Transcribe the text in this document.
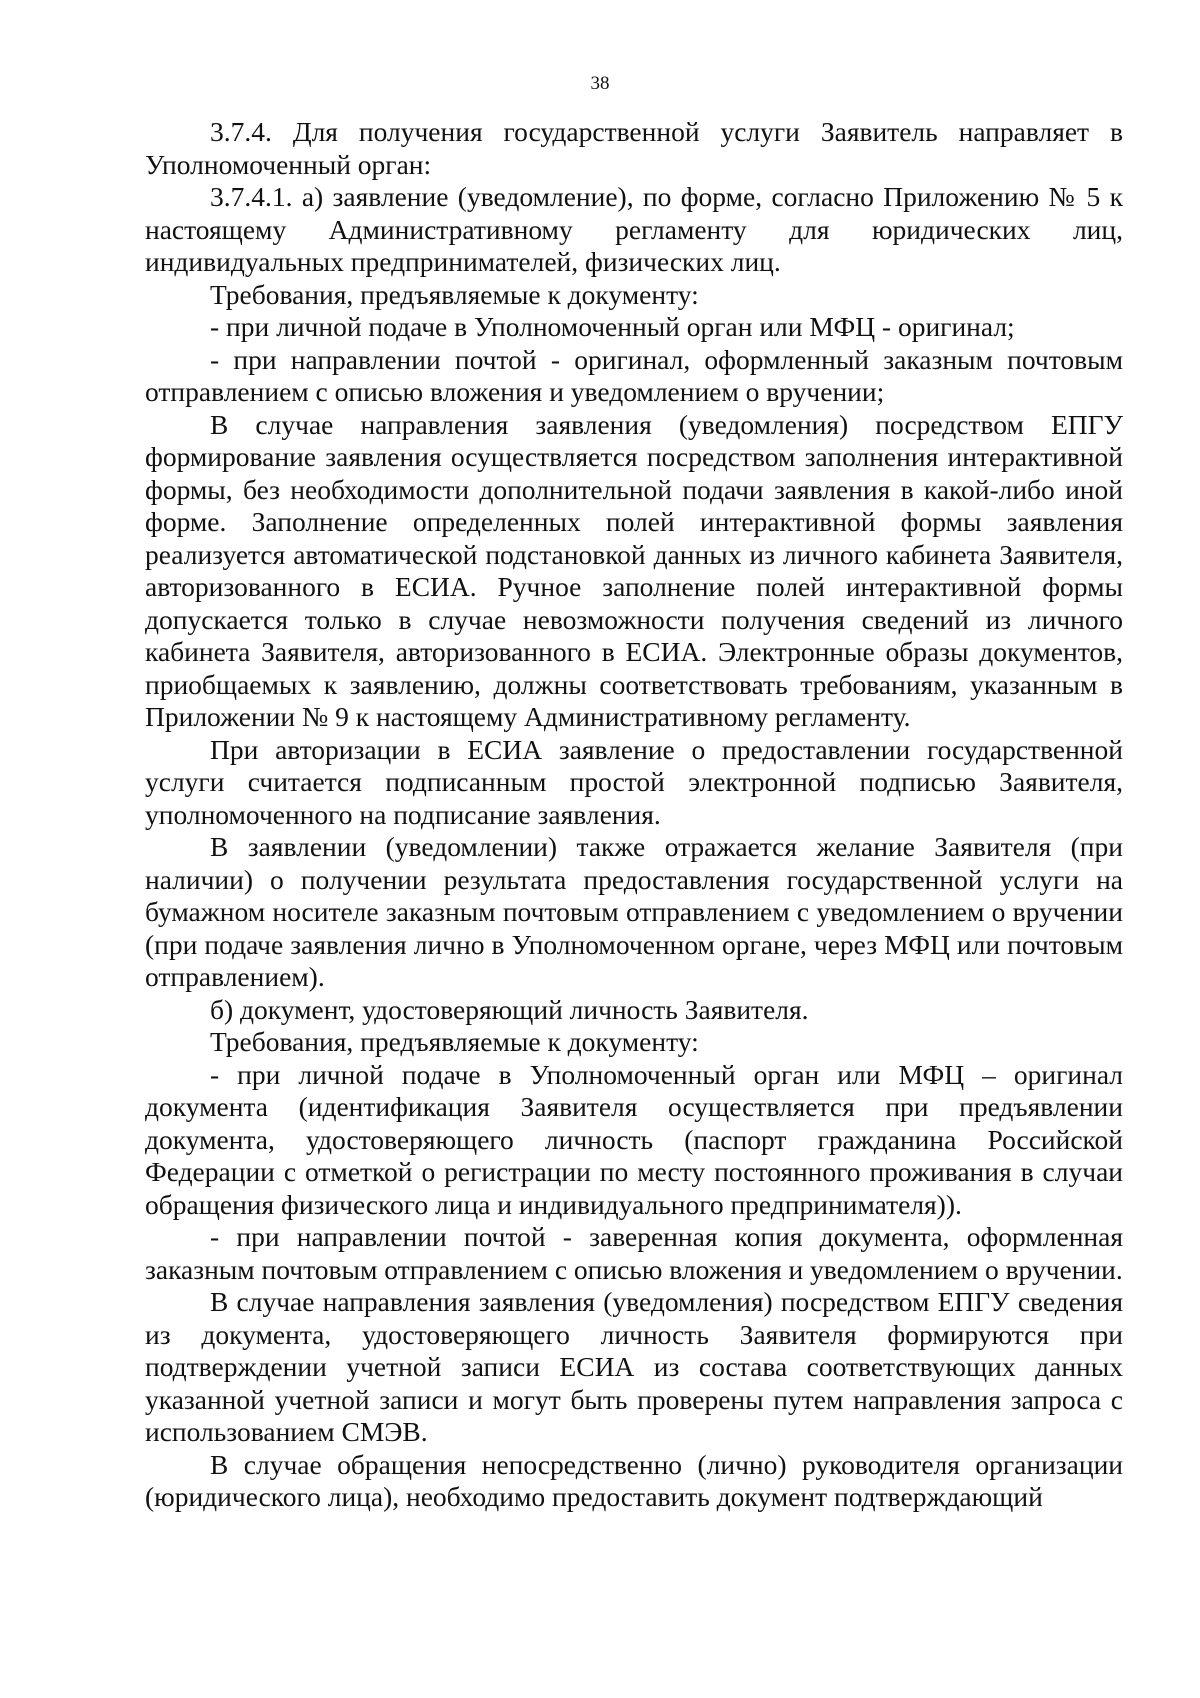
38

3.7.4. Для получения государственной услуги Заявитель направляет в Уполномоченный орган:

3.7.4.1. а) заявление (уведомление), по форме, согласно Приложению № 5 к настоящему Административному регламенту для юридических лиц, индивидуальных предпринимателей, физических лиц.

Требования, предъявляемые к документу:

- при личной подаче в Уполномоченный орган или МФЦ - оригинал;

- при направлении почтой - оригинал, оформленный заказным почтовым отправлением с описью вложения и уведомлением о вручении;

В случае направления заявления (уведомления) посредством ЕПГУ формирование заявления осуществляется посредством заполнения интерактивной формы, без необходимости дополнительной подачи заявления в какой-либо иной форме. Заполнение определенных полей интерактивной формы заявления реализуется автоматической подстановкой данных из личного кабинета Заявителя, авторизованного в ЕСИА. Ручное заполнение полей интерактивной формы допускается только в случае невозможности получения сведений из личного кабинета Заявителя, авторизованного в ЕСИА. Электронные образы документов, приобщаемых к заявлению, должны соответствовать требованиям, указанным в Приложении № 9 к настоящему Административному регламенту.

При авторизации в ЕСИА заявление о предоставлении государственной услуги считается подписанным простой электронной подписью Заявителя, уполномоченного на подписание заявления.

В заявлении (уведомлении) также отражается желание Заявителя (при наличии) о получении результата предоставления государственной услуги на бумажном носителе заказным почтовым отправлением с уведомлением о вручении (при подаче заявления лично в Уполномоченном органе, через МФЦ или почтовым отправлением).

б) документ, удостоверяющий личность Заявителя.

Требования, предъявляемые к документу:

- при личной подаче в Уполномоченный орган или МФЦ – оригинал документа (идентификация Заявителя осуществляется при предъявлении документа, удостоверяющего личность (паспорт гражданина Российской Федерации с отметкой о регистрации по месту постоянного проживания в случаи обращения физического лица и индивидуального предпринимателя)).

- при направлении почтой - заверенная копия документа, оформленная заказным почтовым отправлением с описью вложения и уведомлением о вручении.

В случае направления заявления (уведомления) посредством ЕПГУ сведения из документа, удостоверяющего личность Заявителя формируются при подтверждении учетной записи ЕСИА из состава соответствующих данных указанной учетной записи и могут быть проверены путем направления запроса с использованием СМЭВ.

В случае обращения непосредственно (лично) руководителя организации (юридического лица), необходимо предоставить документ подтверждающий
